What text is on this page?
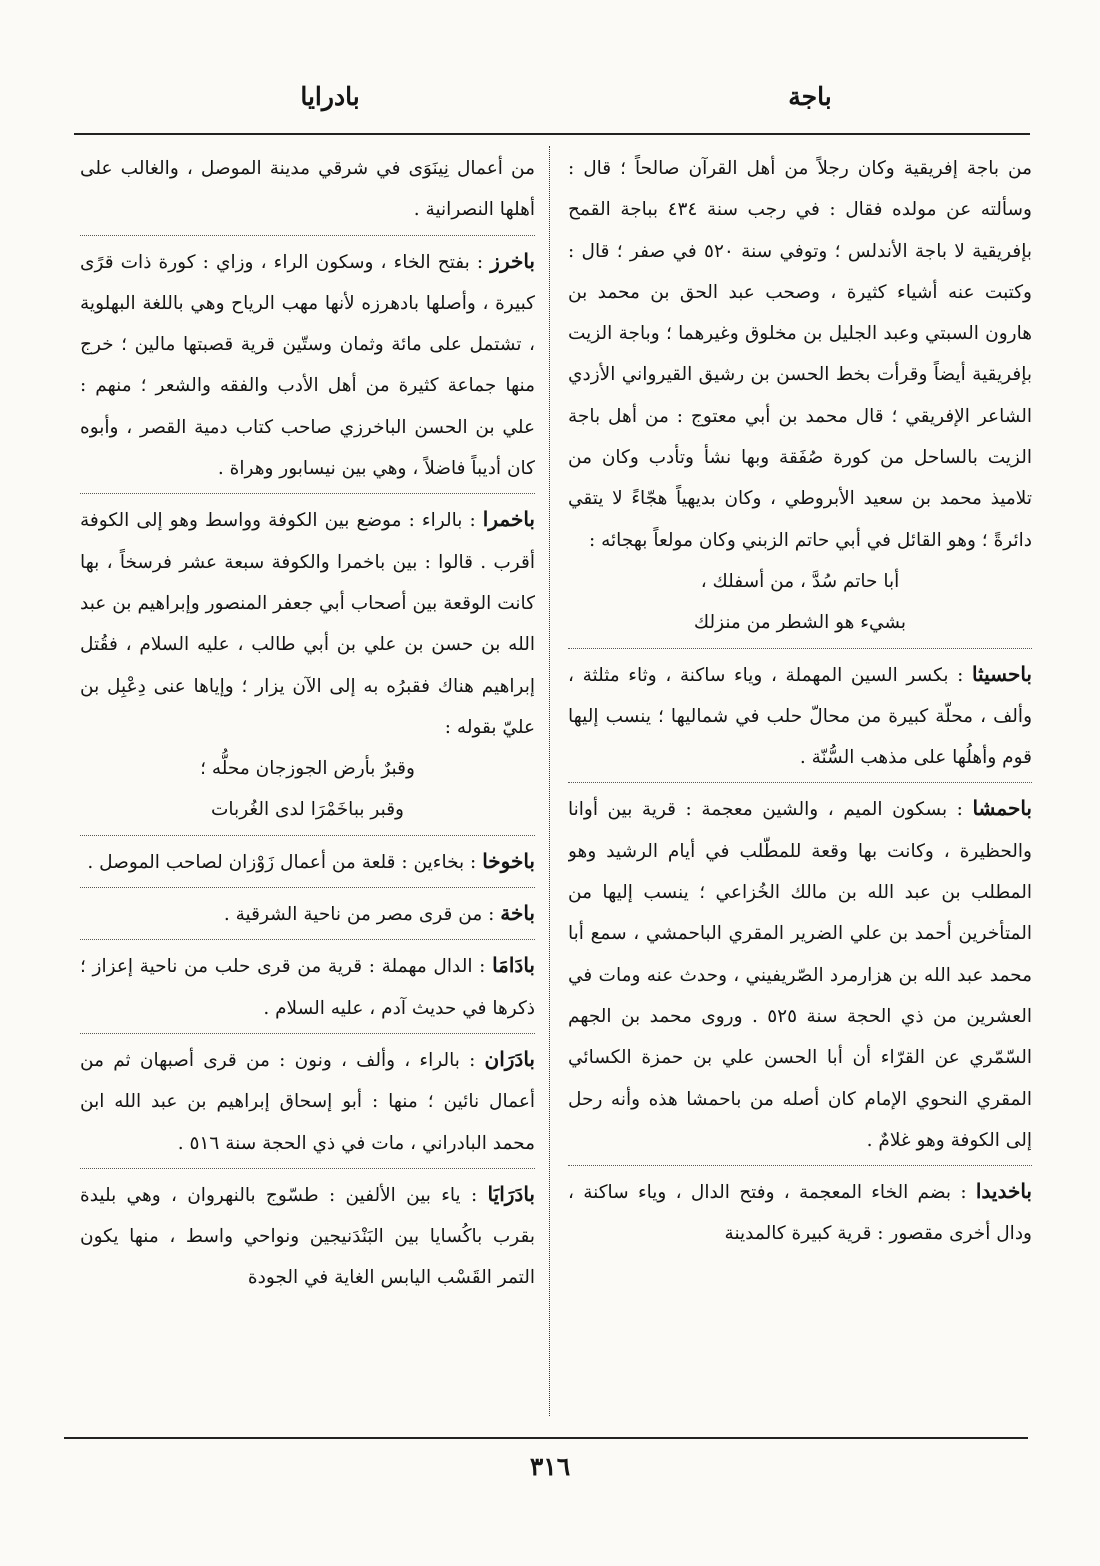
باجة
بادرايا

من باجة إفريقية وكان رجلاً من أهل القرآن صالحاً ؛ قال : وسألته عن مولده فقال : في رجب سنة ٤٣٤ بباجة القمح بإفريقية لا باجة الأندلس ؛ وتوفي سنة ٥٢٠ في صفر ؛ قال : وكتبت عنه أشياء كثيرة ، وصحب عبد الحق بن محمد بن هارون السبتي وعبد الجليل بن مخلوق وغيرهما ؛ وباجة الزيت بإفريقية أيضاً وقرأت بخط الحسن بن رشيق القيرواني الأزدي الشاعر الإفريقي ؛ قال محمد بن أبي معتوج : من أهل باجة الزيت بالساحل من كورة صُفَقة وبها نشأ وتأدب وكان من تلاميذ محمد بن سعيد الأبروطي ، وكان بديهياً هجّاءً لا يتقي دائرةً ؛ وهو القائل في أبي حاتم الزبني وكان مولعاً بهجائه :

أبا حاتم سُدَّ ، من أسفلك ،

بشيء هو الشطر من منزلك

باحسيثا : بكسر السين المهملة ، وياء ساكنة ، وثاء مثلثة ، وألف ، محلّة كبيرة من محالّ حلب في شماليها ؛ ينسب إليها قوم وأهلُها على مذهب السُّنّة .

باحمشا : بسكون الميم ، والشين معجمة : قرية بين أوانا والحظيرة ، وكانت بها وقعة للمطّلب في أيام الرشيد وهو المطلب بن عبد الله بن مالك الخُزاعي ؛ ينسب إليها من المتأخرين أحمد بن علي الضرير المقري الباحمشي ، سمع أبا محمد عبد الله بن هزارمرد الصّريفيني ، وحدث عنه ومات في العشرين من ذي الحجة سنة ٥٢٥ . وروى محمد بن الجهم السّمّري عن القرّاء أن أبا الحسن علي بن حمزة الكسائي المقري النحوي الإمام كان أصله من باحمشا هذه وأنه رحل إلى الكوفة وهو غلامٌ .

باخديدا : بضم الخاء المعجمة ، وفتح الدال ، وياء ساكنة ، ودال أخرى مقصور : قرية كبيرة كالمدينة

من أعمال نِينَوَى في شرقي مدينة الموصل ، والغالب على أهلها النصرانية .

باخرز : بفتح الخاء ، وسكون الراء ، وزاي : كورة ذات قرًى كبيرة ، وأصلها بادهرزه لأنها مهب الرياح وهي باللغة البهلوية ، تشتمل على مائة وثمان وستّين قرية قصبتها مالين ؛ خرج منها جماعة كثيرة من أهل الأدب والفقه والشعر ؛ منهم : علي بن الحسن الباخرزي صاحب كتاب دمية القصر ، وأبوه كان أديباً فاضلاً ، وهي بين نيسابور وهراة .

باخمرا : بالراء : موضع بين الكوفة وواسط وهو إلى الكوفة أقرب . قالوا : بين باخمرا والكوفة سبعة عشر فرسخاً ، بها كانت الوقعة بين أصحاب أبي جعفر المنصور وإبراهيم بن عبد الله بن حسن بن علي بن أبي طالب ، عليه السلام ، فقُتل إبراهيم هناك فقبرُه به إلى الآن يزار ؛ وإياها عنى دِعْبِل بن عليّ بقوله :

وقبرٌ بأرض الجوزجان محلُّه ؛

وقبر بباخَمْرَا لدى الغُربات

باخوخا : بخاءين : قلعة من أعمال زَوْزان لصاحب الموصل .

باخة : من قرى مصر من ناحية الشرقية .

بادَامَا : الدال مهملة : قرية من قرى حلب من ناحية إعزاز ؛ ذكرها في حديث آدم ، عليه السلام .

بادَرَان : بالراء ، وألف ، ونون : من قرى أصبهان ثم من أعمال نائين ؛ منها : أبو إسحاق إبراهيم بن عبد الله ابن محمد البادراني ، مات في ذي الحجة سنة ٥١٦ .

بادَرَايَا : ياء بين الألفين : طسّوج بالنهروان ، وهي بليدة بقرب باكُسايا بين البَنْدَنيجين ونواحي واسط ، منها يكون التمر القَسْب اليابس الغاية في الجودة

٣١٦
